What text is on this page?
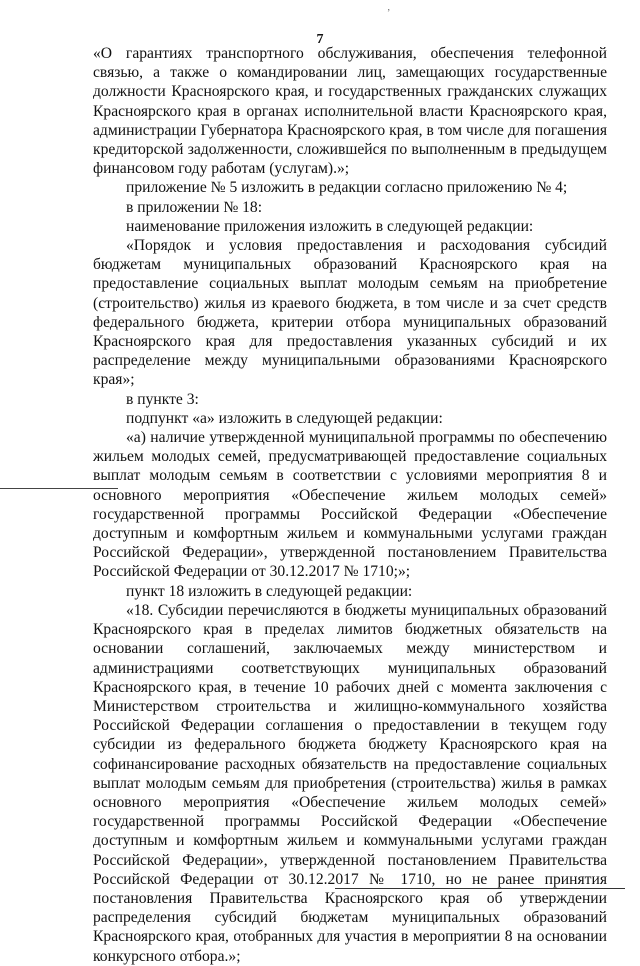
ʼ
7

«О гарантиях транспортного обслуживания, обеспечения телефонной связью, а также о командировании лиц, замещающих государственные должности Красноярского края, и государственных гражданских служащих Красноярского края в органах исполнительной власти Красноярского края, администрации Губернатора Красноярского края, в том числе для погашения кредиторской задолженности, сложившейся по выполненным в предыдущем финансовом году работам (услугам).»;

приложение № 5 изложить в редакции согласно приложению № 4;

в приложении № 18:

наименование приложения изложить в следующей редакции:

«Порядок и условия предоставления и расходования субсидий бюджетам муниципальных образований Красноярского края на предоставление социальных выплат молодым семьям на приобретение (строительство) жилья из краевого бюджета, в том числе и за счет средств федерального бюджета, критерии отбора муниципальных образований Красноярского края для предоставления указанных субсидий и их распределение между муниципальными образованиями Красноярского края»;

в пункте 3:

подпункт «а» изложить в следующей редакции:

«а) наличие утвержденной муниципальной программы по обеспечению жильем молодых семей, предусматривающей предоставление социальных выплат молодым семьям в соответствии с условиями мероприятия 8 и основного мероприятия «Обеспечение жильем молодых семей» государственной программы Российской Федерации «Обеспечение доступным и комфортным жильем и коммунальными услугами граждан Российской Федерации», утвержденной постановлением Правительства Российской Федерации от 30.12.2017 № 1710;»;

пункт 18 изложить в следующей редакции:

«18. Субсидии перечисляются в бюджеты муниципальных образований Красноярского края в пределах лимитов бюджетных обязательств на основании соглашений, заключаемых между министерством и администрациями соответствующих муниципальных образований Красноярского края, в течение 10 рабочих дней с момента заключения с Министерством строительства и жилищно-коммунального хозяйства Российской Федерации соглашения о предоставлении в текущем году субсидии из федерального бюджета бюджету Красноярского края на софинансирование расходных обязательств на предоставление социальных выплат молодым семьям для приобретения (строительства) жилья в рамках основного мероприятия «Обеспечение жильем молодых семей» государственной программы Российской Федерации «Обеспечение доступным и комфортным жильем и коммунальными услугами граждан Российской Федерации», утвержденной постановлением Правительства Российской Федерации от 30.12.2017 № 1710, но не ранее принятия постановления Правительства Красноярского края об утверждении распределения субсидий бюджетам муниципальных образований Красноярского края, отобранных для участия в мероприятии 8 на основании конкурсного отбора.»;
